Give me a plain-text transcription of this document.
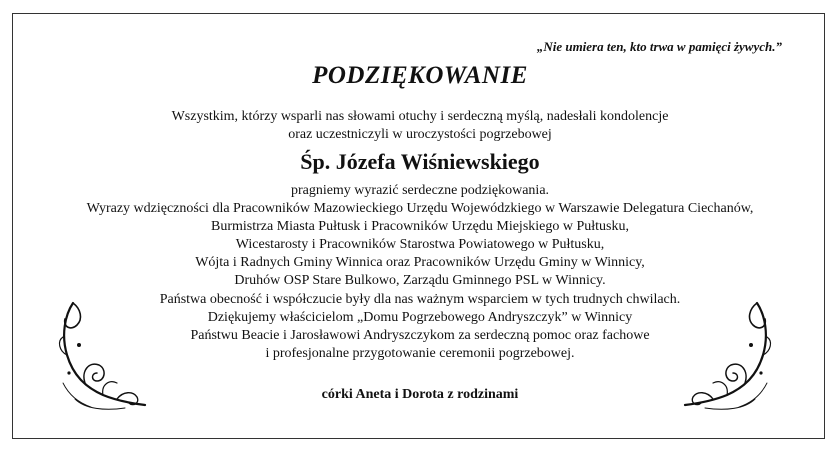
„Nie umiera ten, kto trwa w pamięci żywych.”
PODZIĘKOWANIE
Wszystkim, którzy wsparli nas słowami otuchy i serdeczną myślą, nadesłali kondolencje
oraz uczestniczyli w uroczystości pogrzebowej
Śp. Józefa Wiśniewskiego
pragniemy wyrazić serdeczne podziękowania.
Wyrazy wdzięczności dla Pracowników Mazowieckiego Urzędu Wojewódzkiego w Warszawie Delegatura Ciechanów,
Burmistrza Miasta Pułtusk i Pracowników Urzędu Miejskiego w Pułtusku,
Wicestarosty i Pracowników Starostwa Powiatowego w Pułtusku,
Wójta i Radnych Gminy Winnica oraz Pracowników Urzędu Gminy w Winnicy,
Druhów OSP Stare Bulkowo, Zarządu Gminnego PSL w Winnicy.
Państwa obecność i współczucie były dla nas ważnym wsparciem w tych trudnych chwilach.
Dziękujemy właścicielom „Domu Pogrzebowego Andryszczyk” w Winnicy
Państwu Beacie i Jarosławowi Andryszczykom za serdeczną pomoc oraz fachowe
i profesjonalne przygotowanie ceremonii pogrzebowej.
córki Aneta i Dorota z rodzinami
